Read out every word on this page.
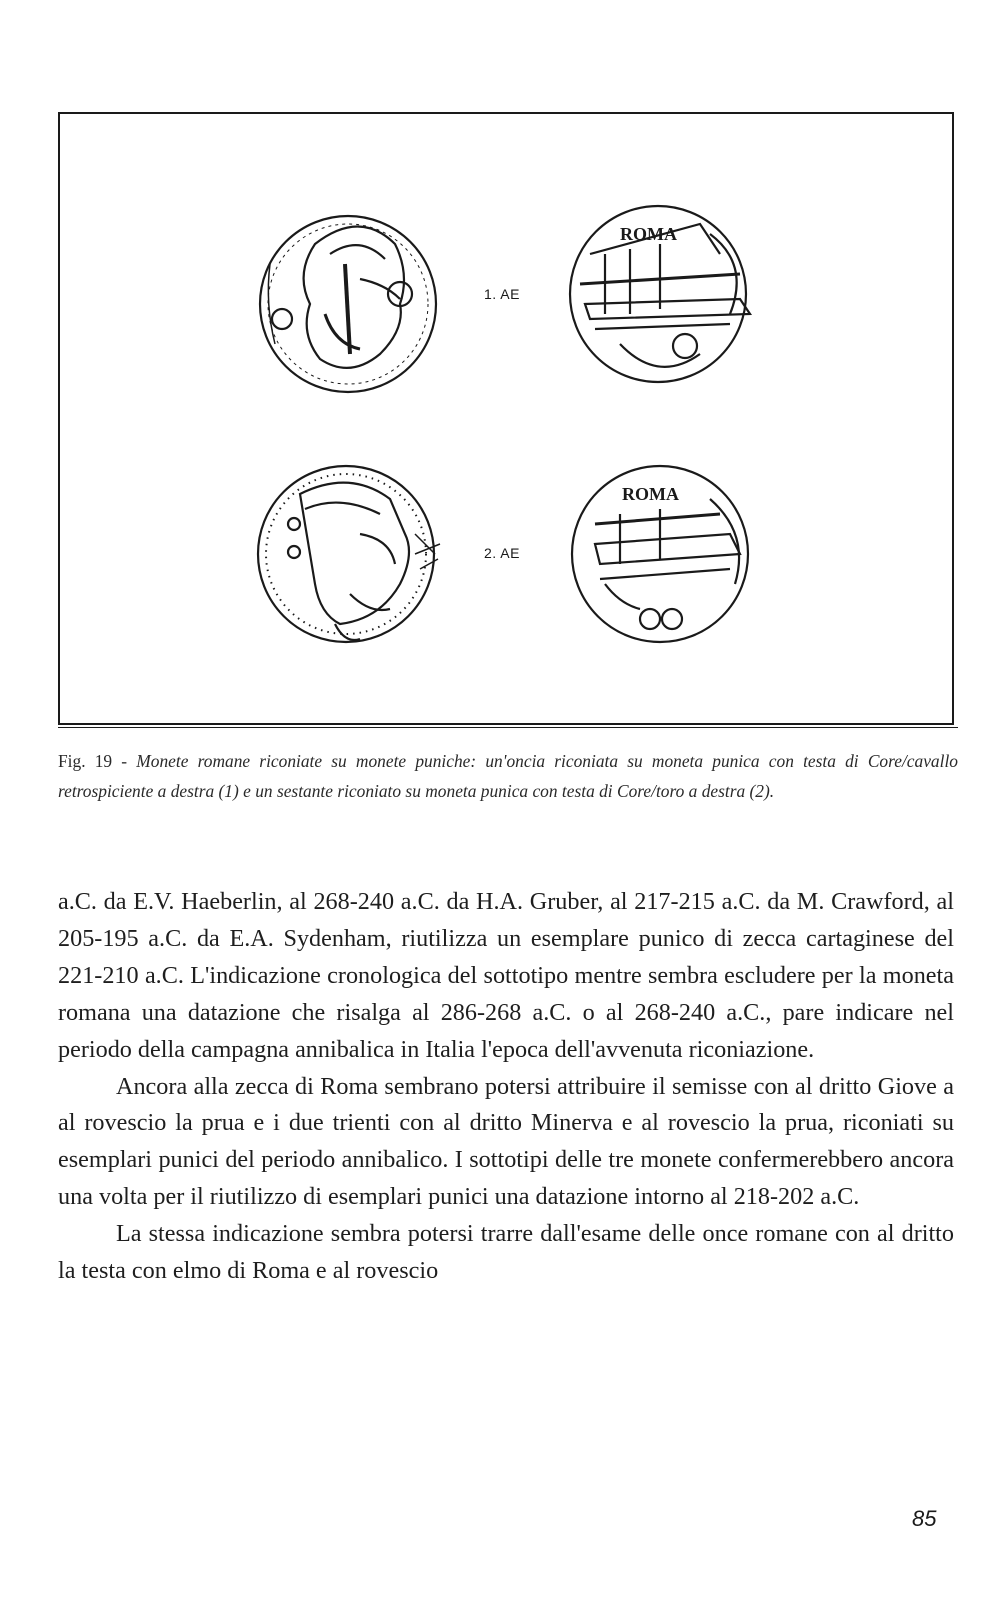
ROMA
ROMA
1. AE
2. AE

Fig. 19 - Monete romane riconiate su monete puniche: un'oncia riconiata su moneta punica con testa di Core/cavallo retrospiciente a destra (1) e un sestante riconiato su moneta punica con testa di Core/toro a destra (2).

a.C. da E.V. Haeberlin, al 268-240 a.C. da H.A. Gruber, al 217-215 a.C. da M. Crawford, al 205-195 a.C. da E.A. Sydenham, riutilizza un esemplare punico di zecca cartaginese del 221-210 a.C. L'indicazione cronologica del sottotipo mentre sembra escludere per la moneta romana una datazione che risalga al 286-268 a.C. o al 268-240 a.C., pare indicare nel periodo della campagna annibalica in Italia l'epoca dell'avvenuta riconiazione.

Ancora alla zecca di Roma sembrano potersi attribuire il semisse con al dritto Giove a al rovescio la prua e i due trienti con al dritto Minerva e al rovescio la prua, riconiati su esemplari punici del periodo annibalico. I sottotipi delle tre monete confermerebbero ancora una volta per il riutilizzo di esemplari punici una datazione intorno al 218-202 a.C.

La stessa indicazione sembra potersi trarre dall'esame delle once romane con al dritto la testa con elmo di Roma e al rovescio

85
